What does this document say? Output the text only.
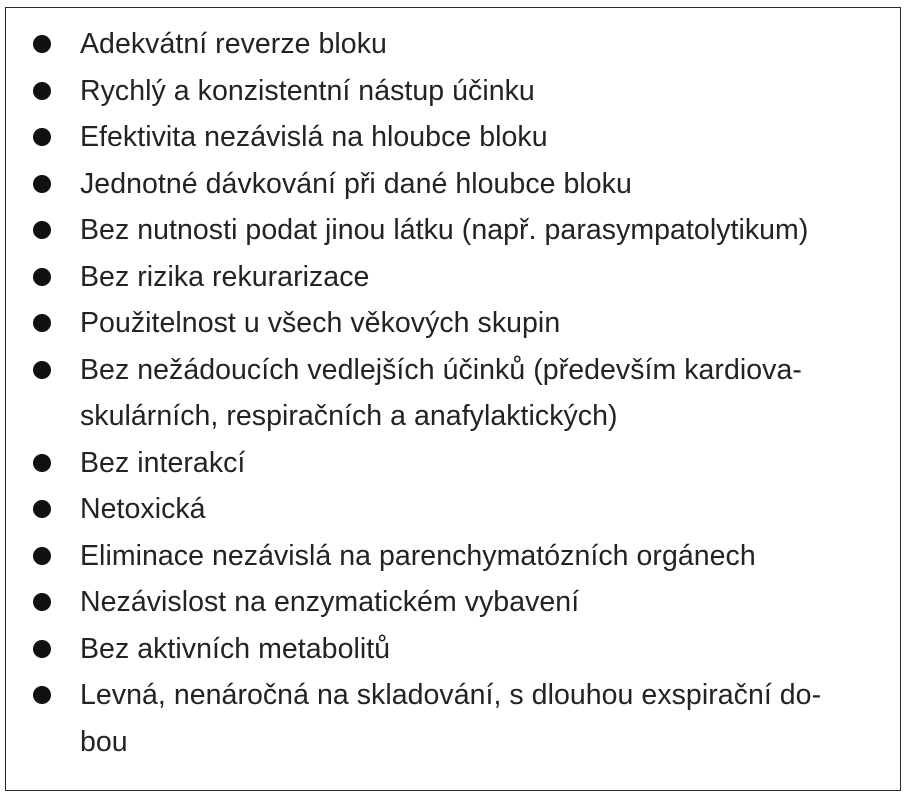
Adekvátní reverze bloku
Rychlý a konzistentní nástup účinku
Efektivita nezávislá na hloubce bloku
Jednotné dávkování při dané hloubce bloku
Bez nutnosti podat jinou látku (např. parasympatolytikum)
Bez rizika rekurarizace
Použitelnost u všech věkových skupin
Bez nežádoucích vedlejších účinků (především kardiova-
skulárních, respiračních a anafylaktických)
Bez interakcí
Netoxická
Eliminace nezávislá na parenchymatózních orgánech
Nezávislost na enzymatickém vybavení
Bez aktivních metabolitů
Levná, nenáročná na skladování, s dlouhou exspirační do-
bou
